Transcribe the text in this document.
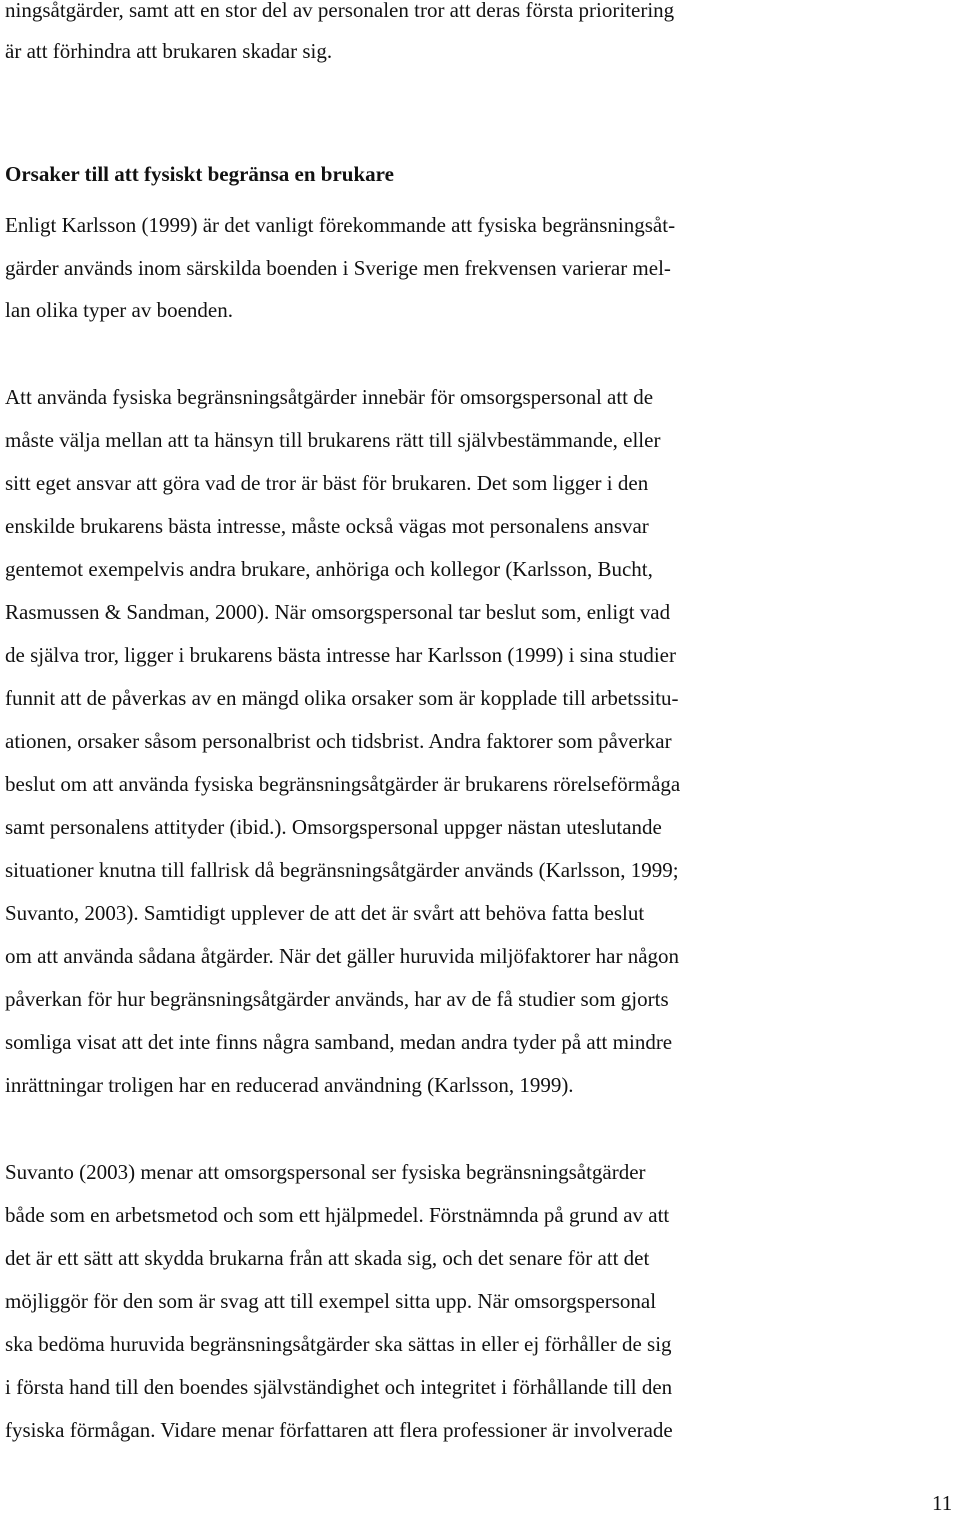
ningsåtgärder, samt att en stor del av personalen tror att deras första prioritering
är att förhindra att brukaren skadar sig.
Orsaker till att fysiskt begränsa en brukare
Enligt Karlsson (1999) är det vanligt förekommande att fysiska begränsningsåt-
gärder används inom särskilda boenden i Sverige men frekvensen varierar mel-
lan olika typer av boenden.
Att använda fysiska begränsningsåtgärder innebär för omsorgspersonal att de
måste välja mellan att ta hänsyn till brukarens rätt till självbestämmande, eller
sitt eget ansvar att göra vad de tror är bäst för brukaren. Det som ligger i den
enskilde brukarens bästa intresse, måste också vägas mot personalens ansvar
gentemot exempelvis andra brukare, anhöriga och kollegor (Karlsson, Bucht,
Rasmussen & Sandman, 2000). När omsorgspersonal tar beslut som, enligt vad
de själva tror, ligger i brukarens bästa intresse har Karlsson (1999) i sina studier
funnit att de påverkas av en mängd olika orsaker som är kopplade till arbetssitu-
ationen, orsaker såsom personalbrist och tidsbrist. Andra faktorer som påverkar
beslut om att använda fysiska begränsningsåtgärder är brukarens rörelseförmåga
samt personalens attityder (ibid.). Omsorgspersonal uppger nästan uteslutande
situationer knutna till fallrisk då begränsningsåtgärder används (Karlsson, 1999;
Suvanto, 2003). Samtidigt upplever de att det är svårt att behöva fatta beslut
om att använda sådana åtgärder. När det gäller huruvida miljöfaktorer har någon
påverkan för hur begränsningsåtgärder används, har av de få studier som gjorts
somliga visat att det inte finns några samband, medan andra tyder på att mindre
inrättningar troligen har en reducerad användning (Karlsson, 1999).
Suvanto (2003) menar att omsorgspersonal ser fysiska begränsningsåtgärder
både som en arbetsmetod och som ett hjälpmedel. Förstnämnda på grund av att
det är ett sätt att skydda brukarna från att skada sig, och det senare för att det
möjliggör för den som är svag att till exempel sitta upp. När omsorgspersonal
ska bedöma huruvida begränsningsåtgärder ska sättas in eller ej förhåller de sig
i första hand till den boendes självständighet och integritet i förhållande till den
fysiska förmågan. Vidare menar författaren att flera professioner är involverade
11
